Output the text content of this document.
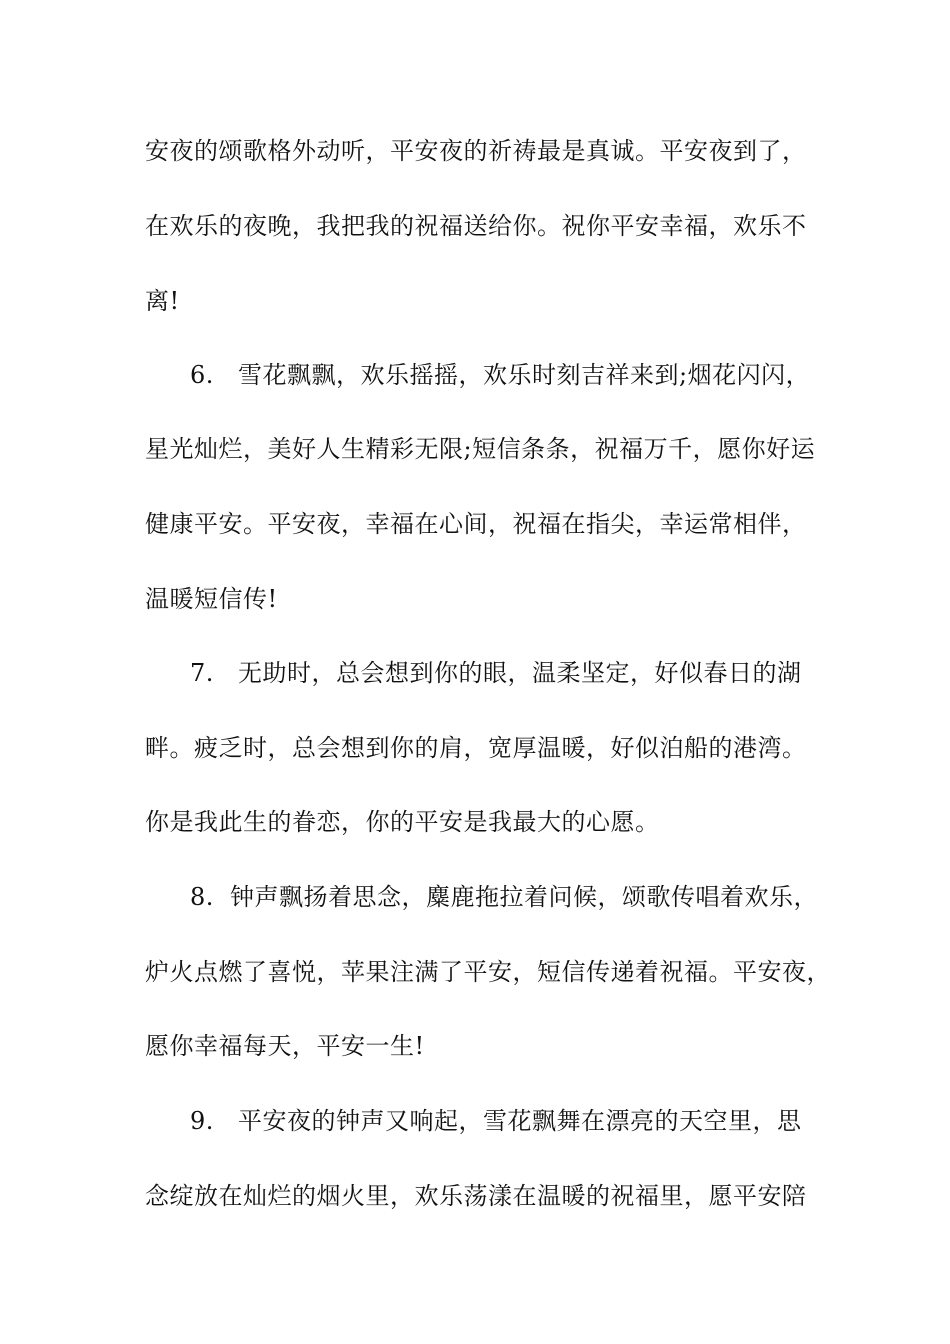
安夜的颂歌格外动听，平安夜的祈祷最是真诚。平安夜到了，
在欢乐的夜晚，我把我的祝福送给你。祝你平安幸福，欢乐不
离!
6. 雪花飘飘，欢乐摇摇，欢乐时刻吉祥来到;烟花闪闪，
星光灿烂，美好人生精彩无限;短信条条，祝福万千，愿你好运
健康平安。平安夜，幸福在心间，祝福在指尖，幸运常相伴，
温暖短信传!
7. 无助时，总会想到你的眼，温柔坚定，好似春日的湖
畔。疲乏时，总会想到你的肩，宽厚温暖，好似泊船的港湾。
你是我此生的眷恋，你的平安是我最大的心愿。
8. 钟声飘扬着思念，麋鹿拖拉着问候，颂歌传唱着欢乐，
炉火点燃了喜悦，苹果注满了平安，短信传递着祝福。平安夜，
愿你幸福每天，平安一生!
9. 平安夜的钟声又响起，雪花飘舞在漂亮的天空里，思
念绽放在灿烂的烟火里，欢乐荡漾在温暖的祝福里，愿平安陪
